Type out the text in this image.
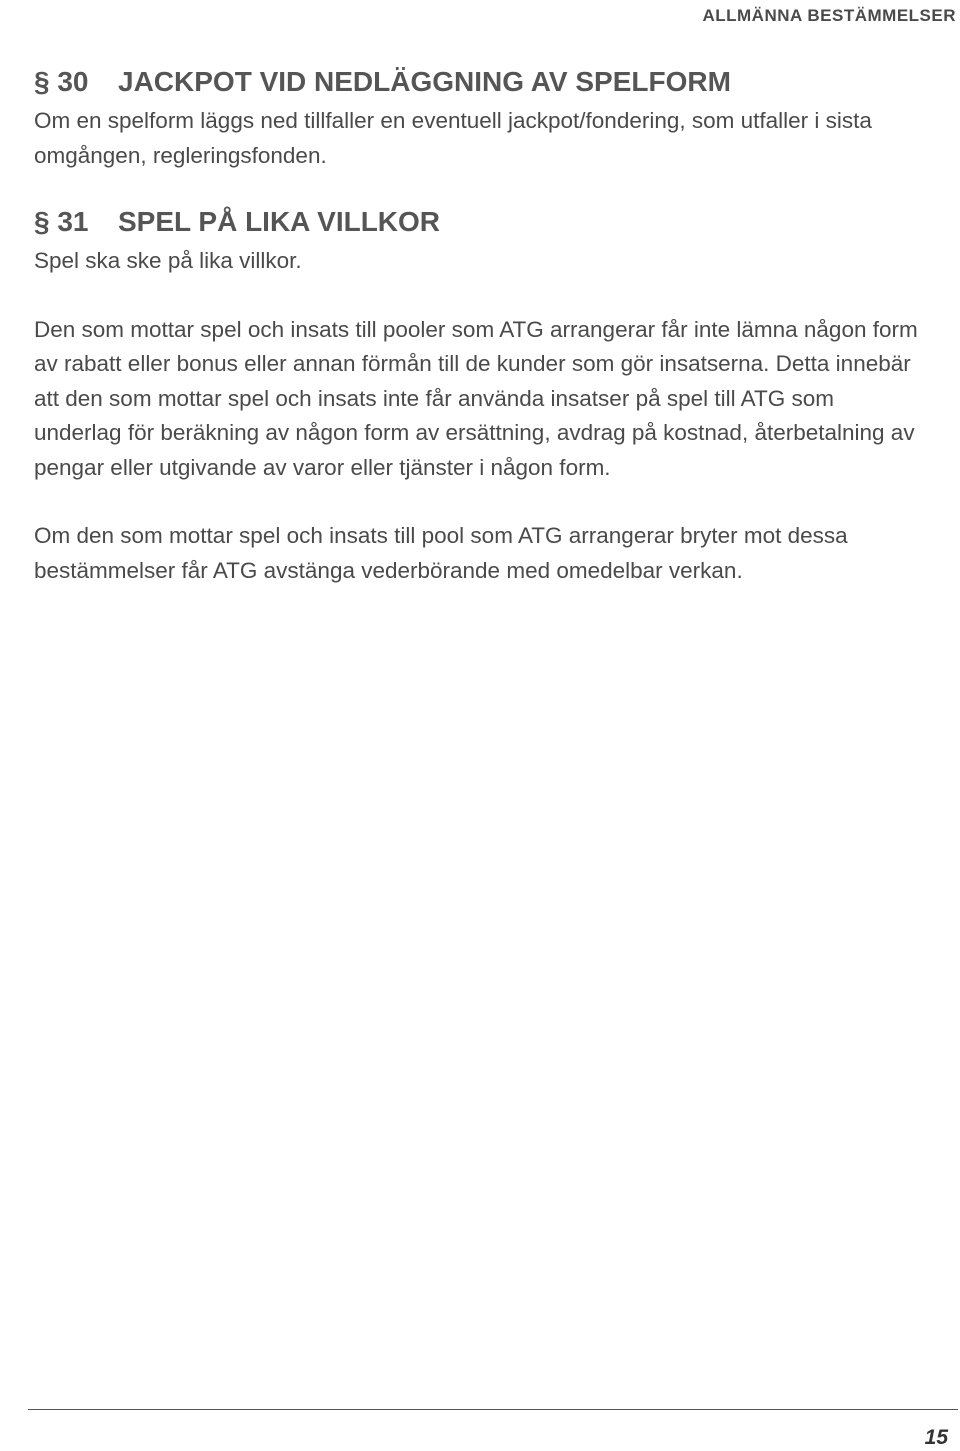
ALLMÄNNA BESTÄMMELSER
§ 30	JACKPOT VID NEDLÄGGNING AV SPELFORM

Om en spelform läggs ned tillfaller en eventuell jackpot/fondering, som utfaller i sista omgången, regleringsfonden.

§ 31	SPEL PÅ LIKA VILLKOR

Spel ska ske på lika villkor.

Den som mottar spel och insats till pooler som ATG arrangerar får inte lämna någon form av rabatt eller bonus eller annan förmån till de kunder som gör insatserna. Detta innebär att den som mottar spel och insats inte får använda insatser på spel till ATG som underlag för beräkning av någon form av ersättning, avdrag på kostnad, återbetalning av pengar eller utgivande av varor eller tjänster i någon form.

Om den som mottar spel och insats till pool som ATG arrangerar bryter mot dessa bestämmelser får ATG avstänga vederbörande med omedelbar verkan.

15
